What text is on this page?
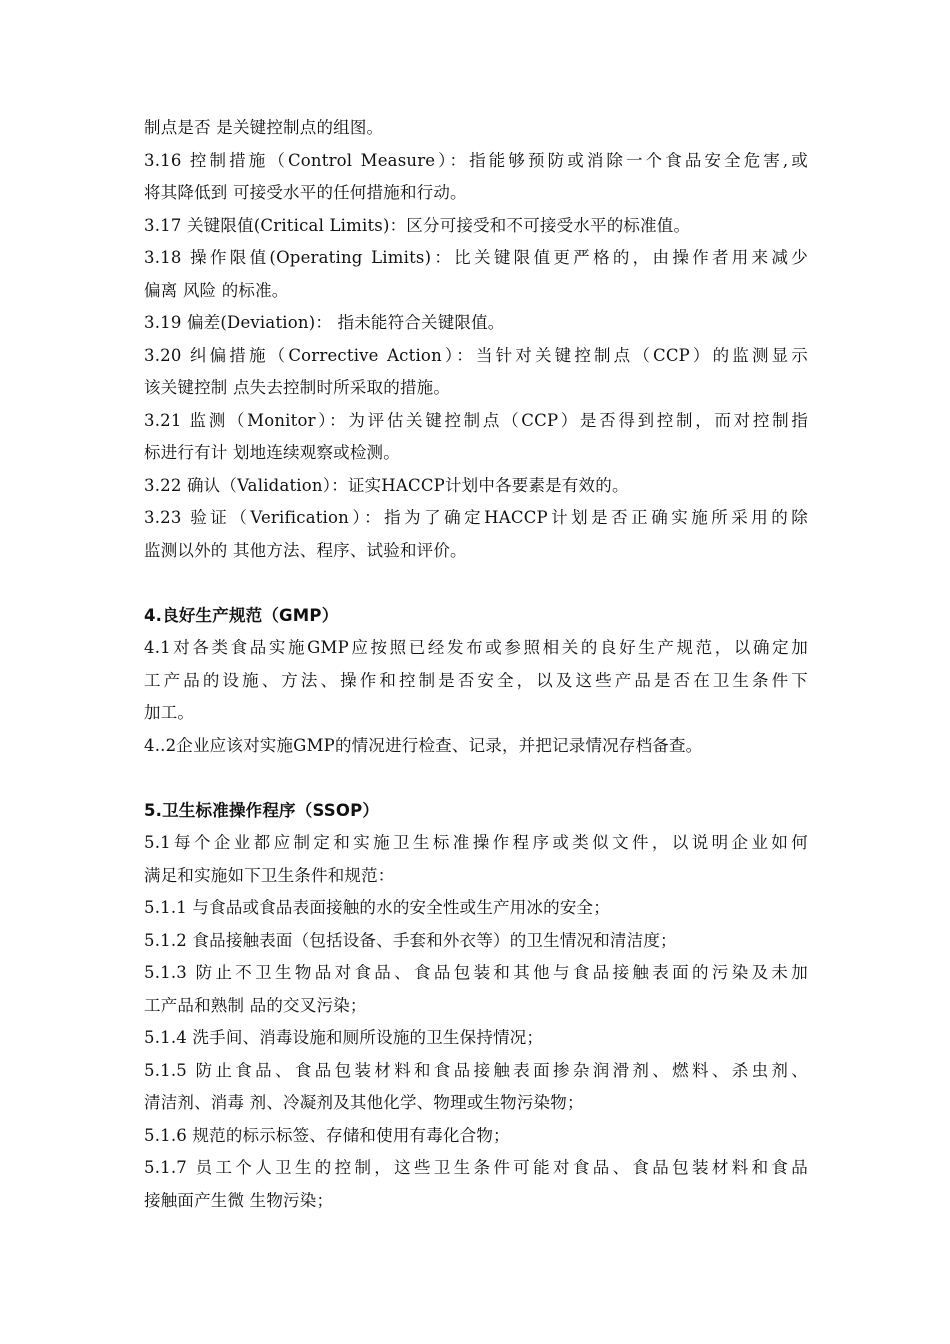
制点是否 是关键控制点的组图。
3.16 控制措施（Control Measure）：指能够预防或消除一个食品安全危害,或
将其降低到 可接受水平的任何措施和行动。
3.17 关键限值(Critical Limits)：区分可接受和不可接受水平的标准值。
3.18 操作限值(Operating Limits)：比关键限值更严格的，由操作者用来减少
偏离 风险 的标准。
3.19 偏差(Deviation)： 指未能符合关键限值。
3.20 纠偏措施（Corrective Action）：当针对关键控制点（CCP）的监测显示
该关键控制 点失去控制时所采取的措施。
3.21 监测（Monitor）：为评估关键控制点（CCP）是否得到控制，而对控制指
标进行有计 划地连续观察或检测。
3.22 确认（Validation）：证实HACCP计划中各要素是有效的。
3.23 验证（Verification）：指为了确定HACCP计划是否正确实施所采用的除
监测以外的 其他方法、程序、试验和评价。
4.良好生产规范（GMP）
4.1对各类食品实施GMP应按照已经发布或参照相关的良好生产规范，以确定加
工产品的设施、方法、操作和控制是否安全，以及这些产品是否在卫生条件下
加工。
4..2企业应该对实施GMP的情况进行检查、记录，并把记录情况存档备查。
5.卫生标准操作程序（SSOP）
5.1每个企业都应制定和实施卫生标准操作程序或类似文件，以说明企业如何
满足和实施如下卫生条件和规范：
5.1.1 与食品或食品表面接触的水的安全性或生产用冰的安全；
5.1.2 食品接触表面（包括设备、手套和外衣等）的卫生情况和清洁度；
5.1.3 防止不卫生物品对食品、食品包装和其他与食品接触表面的污染及未加
工产品和熟制 品的交叉污染；
5.1.4 洗手间、消毒设施和厕所设施的卫生保持情况；
5.1.5 防止食品、食品包装材料和食品接触表面掺杂润滑剂、燃料、杀虫剂、
清洁剂、消毒 剂、冷凝剂及其他化学、物理或生物污染物；
5.1.6 规范的标示标签、存储和使用有毒化合物；
5.1.7 员工个人卫生的控制，这些卫生条件可能对食品、食品包装材料和食品
接触面产生微 生物污染；
